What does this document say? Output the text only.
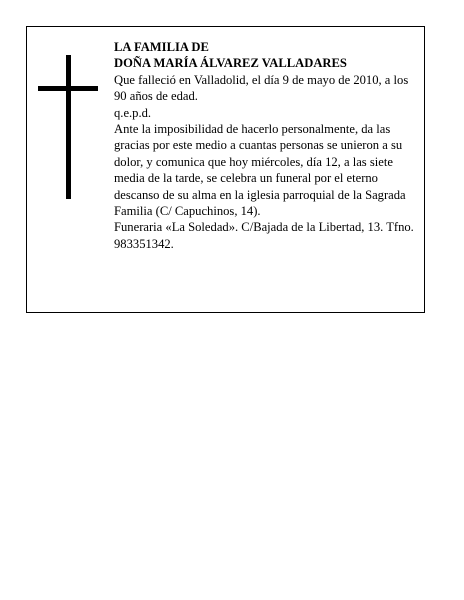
LA FAMILIA DE

DOÑA MARÍA ÁLVAREZ VALLADARES

Que falleció en Valladolid, el día 9 de mayo de 2010, a los 90 años de edad.

q.e.p.d.

Ante la imposibilidad de hacerlo personalmente, da las gracias por este medio a cuantas personas se unieron a su dolor, y comunica que hoy miércoles, día 12, a las siete media de la tarde, se celebra un funeral por el eterno descanso de su alma en la iglesia parroquial de la Sagrada Familia (C/ Capuchinos, 14).

Funeraria «La Soledad». C/Bajada de la Libertad, 13. Tfno. 983351342.
